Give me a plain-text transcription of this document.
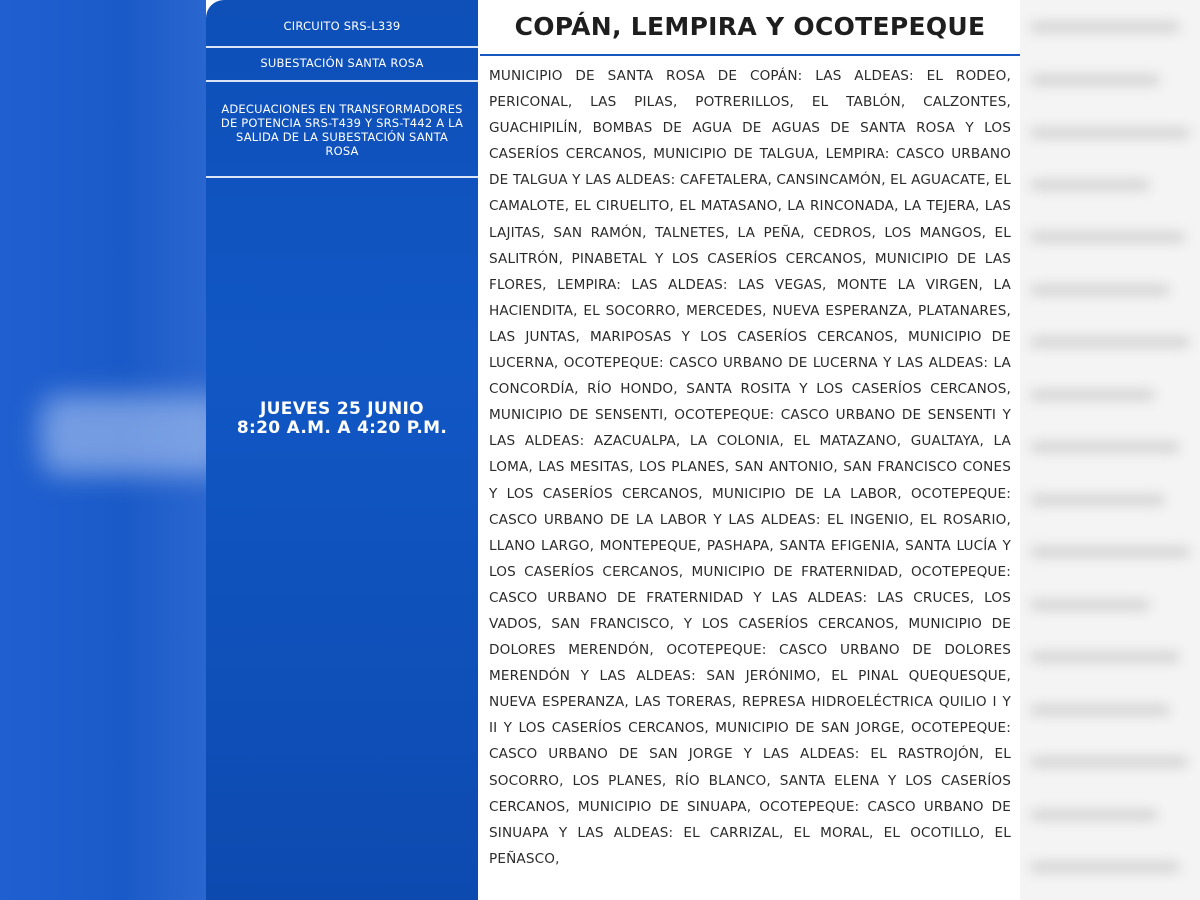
CIRCUITO SRS-L339
SUBESTACIÓN SANTA ROSA
ADECUACIONES EN TRANSFORMADORES DE POTENCIA SRS-T439 Y SRS-T442 A LA SALIDA DE LA SUBESTACIÓN SANTA ROSA
JUEVES 25 JUNIO
8:20 A.M. A 4:20 P.M.
COPÁN, LEMPIRA Y OCOTEPEQUE

MUNICIPIO DE SANTA ROSA DE COPÁN: LAS ALDEAS: EL RODEO, PERICONAL, LAS PILAS, POTRERILLOS, EL TABLÓN, CALZONTES, GUACHIPILÍN, BOMBAS DE AGUA DE AGUAS DE SANTA ROSA Y LOS CASERÍOS CERCANOS, MUNICIPIO DE TALGUA, LEMPIRA: CASCO URBANO DE TALGUA Y LAS ALDEAS: CAFETALERA, CANSINCAMÓN, EL AGUACATE, EL CAMALOTE, EL CIRUELITO, EL MATASANO, LA RINCONADA, LA TEJERA, LAS LAJITAS, SAN RAMÓN, TALNETES, LA PEÑA, CEDROS, LOS MANGOS, EL SALITRÓN, PINABETAL Y LOS CASERÍOS CERCANOS, MUNICIPIO DE LAS FLORES, LEMPIRA: LAS ALDEAS: LAS VEGAS, MONTE LA VIRGEN, LA HACIENDITA, EL SOCORRO, MERCEDES, NUEVA ESPERANZA, PLATANARES, LAS JUNTAS, MARIPOSAS Y LOS CASERÍOS CERCANOS, MUNICIPIO DE LUCERNA, OCOTEPEQUE: CASCO URBANO DE LUCERNA Y LAS ALDEAS: LA CONCORDÍA, RÍO HONDO, SANTA ROSITA Y LOS CASERÍOS CERCANOS, MUNICIPIO DE SENSENTI, OCOTEPEQUE: CASCO URBANO DE SENSENTI Y LAS ALDEAS: AZACUALPA, LA COLONIA, EL MATAZANO, GUALTAYA, LA LOMA, LAS MESITAS, LOS PLANES, SAN ANTONIO, SAN FRANCISCO CONES Y LOS CASERÍOS CERCANOS, MUNICIPIO DE LA LABOR, OCOTEPEQUE: CASCO URBANO DE LA LABOR Y LAS ALDEAS: EL INGENIO, EL ROSARIO, LLANO LARGO, MONTEPEQUE, PASHAPA, SANTA EFIGENIA, SANTA LUCÍA Y LOS CASERÍOS CERCANOS, MUNICIPIO DE FRATERNIDAD, OCOTEPEQUE: CASCO URBANO DE FRATERNIDAD Y LAS ALDEAS: LAS CRUCES, LOS VADOS, SAN FRANCISCO, Y LOS CASERÍOS CERCANOS, MUNICIPIO DE DOLORES MERENDÓN, OCOTEPEQUE: CASCO URBANO DE DOLORES MERENDÓN Y LAS ALDEAS: SAN JERÓNIMO, EL PINAL QUEQUESQUE, NUEVA ESPERANZA, LAS TORERAS, REPRESA HIDROELÉCTRICA QUILIO I Y II Y LOS CASERÍOS CERCANOS, MUNICIPIO DE SAN JORGE, OCOTEPEQUE: CASCO URBANO DE SAN JORGE Y LAS ALDEAS: EL RASTROJÓN, EL SOCORRO, LOS PLANES, RÍO BLANCO, SANTA ELENA Y LOS CASERÍOS CERCANOS, MUNICIPIO DE SINUAPA, OCOTEPEQUE: CASCO URBANO DE SINUAPA Y LAS ALDEAS: EL CARRIZAL, EL MORAL, EL OCOTILLO, EL PEÑASCO,
